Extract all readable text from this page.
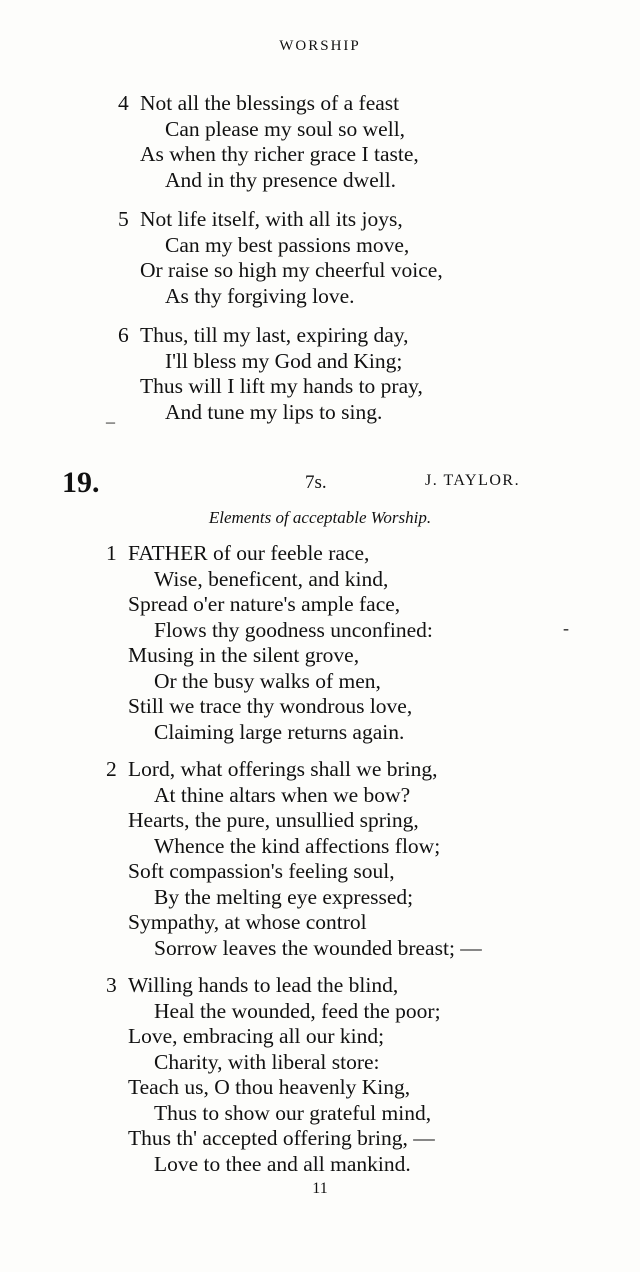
WORSHIP
4 Not all the blessings of a feast
Can please my soul so well,
As when thy richer grace I taste,
And in thy presence dwell.
5 Not life itself, with all its joys,
Can my best passions move,
Or raise so high my cheerful voice,
As thy forgiving love.
6 Thus, till my last, expiring day,
I'll bless my God and King;
Thus will I lift my hands to pray,
And tune my lips to sing.
19.	7s.	J. TAYLOR.
Elements of acceptable Worship.
1 FATHER of our feeble race,
Wise, beneficent, and kind,
Spread o'er nature's ample face,
Flows thy goodness unconfined:
Musing in the silent grove,
Or the busy walks of men,
Still we trace thy wondrous love,
Claiming large returns again.
2 Lord, what offerings shall we bring,
At thine altars when we bow?
Hearts, the pure, unsullied spring,
Whence the kind affections flow;
Soft compassion's feeling soul,
By the melting eye expressed;
Sympathy, at whose control
Sorrow leaves the wounded breast; —
3 Willing hands to lead the blind,
Heal the wounded, feed the poor;
Love, embracing all our kind;
Charity, with liberal store:
Teach us, O thou heavenly King,
Thus to show our grateful mind,
Thus th' accepted offering bring, —
Love to thee and all mankind.
_
-
11
